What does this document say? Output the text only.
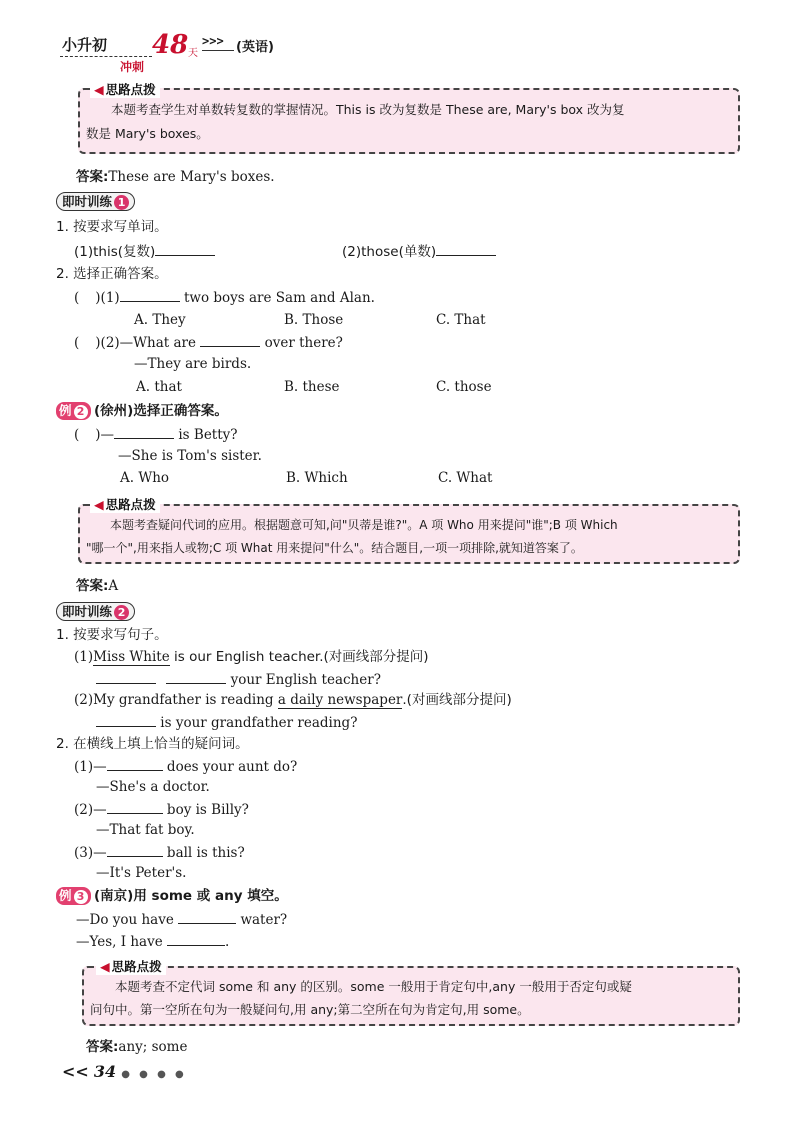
小升初
冲刺
48 天
>>> (英语)
◀ 思路点拨
本题考查学生对单数转复数的掌握情况。This is 改为复数是 These are, Mary's box 改为复
数是 Mary's boxes。
答案:These are Mary's boxes.
即时训练 1
1. 按要求写单词。
(1)this(复数)	(2)those(单数)
2. 选择正确答案。
( )(1)	two boys are Sam and Alan.
A. They	B. Those	C. That
( )(2)—What are	over there?
—They are birds.
A. that	B. these	C. those
例 2 (徐州)选择正确答案。
( )—	is Betty?
—She is Tom's sister.
A. Who	B. Which	C. What
◀ 思路点拨
本题考查疑问代词的应用。根据题意可知,问"贝蒂是谁?"。A 项 Who 用来提问"谁";B 项 Which
"哪一个",用来指人或物;C 项 What 用来提问"什么"。结合题目,一项一项排除,就知道答案了。
答案:A
即时训练 2
1. 按要求写句子。
(1)Miss White is our English teacher.(对画线部分提问)
your English teacher?
(2)My grandfather is reading a daily newspaper.(对画线部分提问)
is your grandfather reading?
2. 在横线上填上恰当的疑问词。
(1)—	does your aunt do?
—She's a doctor.
(2)—	boy is Billy?
—That fat boy.
(3)—	ball is this?
—It's Peter's.
例 3 (南京)用 some 或 any 填空。
—Do you have	water?
—Yes, I have	.
◀ 思路点拨
本题考查不定代词 some 和 any 的区别。some 一般用于肯定句中,any 一般用于否定句或疑
问句中。第一空所在句为一般疑问句,用 any;第二空所在句为肯定句,用 some。
答案:any; some
<< 34 ● ● ● ●
